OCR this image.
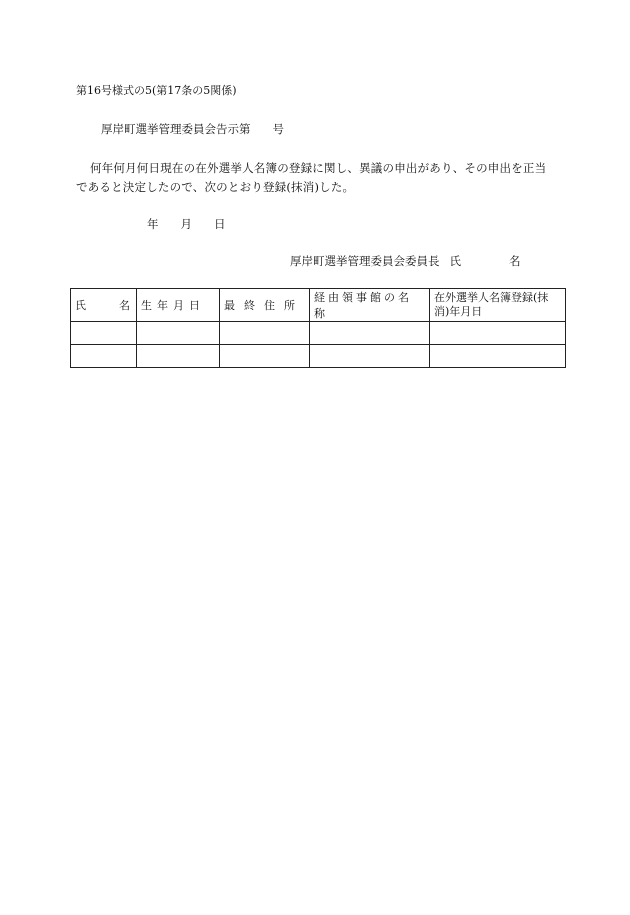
第16号様式の5(第17条の5関係)
厚岸町選挙管理委員会告示第 号
何年何月何日現在の在外選挙人名簿の登録に関し、異議の申出があり、その申出を正当であると決定したので、次のとおり登録(抹消)した。
年 月 日
厚岸町選挙管理委員会委員長 氏	名
氏 名	生年月日	最終住所	経由領事館の名称	在外選挙人名簿登録(抹消)年月日
